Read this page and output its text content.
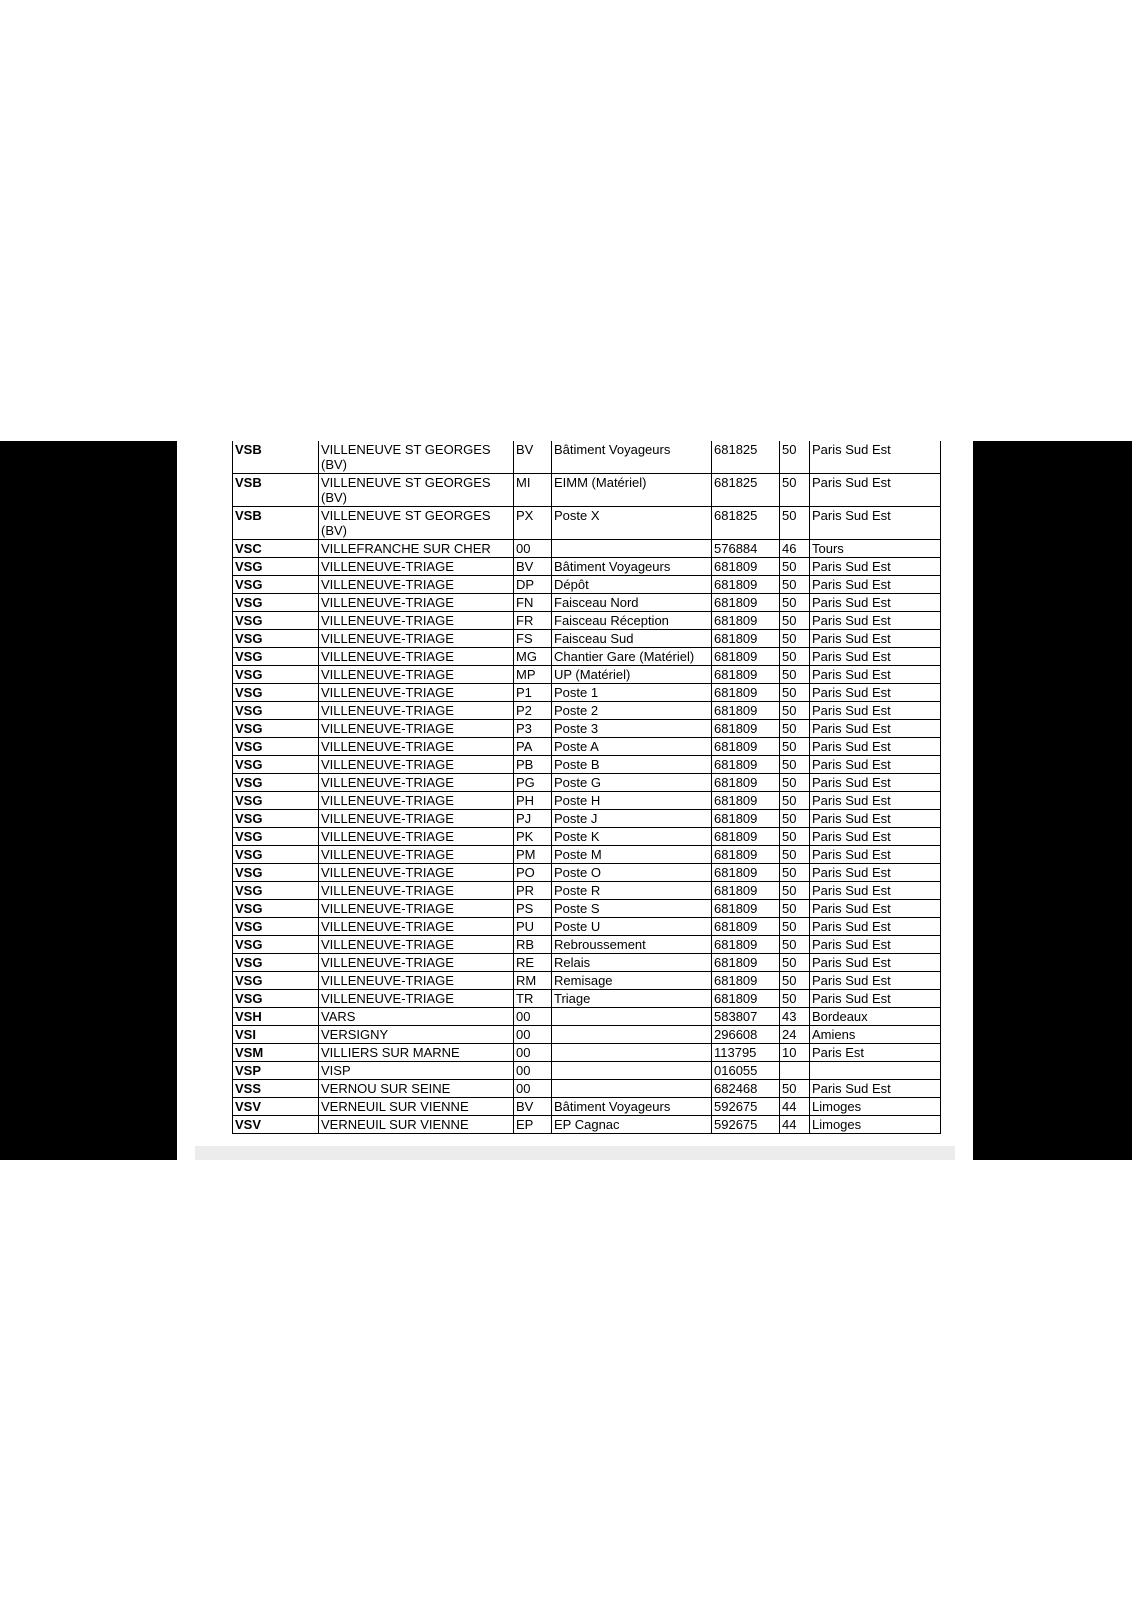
VSB	VILLENEUVE ST GEORGES (BV)	BV	Bâtiment Voyageurs	681825	50	Paris Sud Est
VSB	VILLENEUVE ST GEORGES (BV)	MI	EIMM (Matériel)	681825	50	Paris Sud Est
VSB	VILLENEUVE ST GEORGES (BV)	PX	Poste X	681825	50	Paris Sud Est
VSC	VILLEFRANCHE SUR CHER	00		576884	46	Tours
VSG	VILLENEUVE-TRIAGE	BV	Bâtiment Voyageurs	681809	50	Paris Sud Est
VSG	VILLENEUVE-TRIAGE	DP	Dépôt	681809	50	Paris Sud Est
VSG	VILLENEUVE-TRIAGE	FN	Faisceau Nord	681809	50	Paris Sud Est
VSG	VILLENEUVE-TRIAGE	FR	Faisceau Réception	681809	50	Paris Sud Est
VSG	VILLENEUVE-TRIAGE	FS	Faisceau Sud	681809	50	Paris Sud Est
VSG	VILLENEUVE-TRIAGE	MG	Chantier Gare (Matériel)	681809	50	Paris Sud Est
VSG	VILLENEUVE-TRIAGE	MP	UP (Matériel)	681809	50	Paris Sud Est
VSG	VILLENEUVE-TRIAGE	P1	Poste 1	681809	50	Paris Sud Est
VSG	VILLENEUVE-TRIAGE	P2	Poste 2	681809	50	Paris Sud Est
VSG	VILLENEUVE-TRIAGE	P3	Poste 3	681809	50	Paris Sud Est
VSG	VILLENEUVE-TRIAGE	PA	Poste A	681809	50	Paris Sud Est
VSG	VILLENEUVE-TRIAGE	PB	Poste B	681809	50	Paris Sud Est
VSG	VILLENEUVE-TRIAGE	PG	Poste G	681809	50	Paris Sud Est
VSG	VILLENEUVE-TRIAGE	PH	Poste H	681809	50	Paris Sud Est
VSG	VILLENEUVE-TRIAGE	PJ	Poste J	681809	50	Paris Sud Est
VSG	VILLENEUVE-TRIAGE	PK	Poste K	681809	50	Paris Sud Est
VSG	VILLENEUVE-TRIAGE	PM	Poste M	681809	50	Paris Sud Est
VSG	VILLENEUVE-TRIAGE	PO	Poste O	681809	50	Paris Sud Est
VSG	VILLENEUVE-TRIAGE	PR	Poste R	681809	50	Paris Sud Est
VSG	VILLENEUVE-TRIAGE	PS	Poste S	681809	50	Paris Sud Est
VSG	VILLENEUVE-TRIAGE	PU	Poste U	681809	50	Paris Sud Est
VSG	VILLENEUVE-TRIAGE	RB	Rebroussement	681809	50	Paris Sud Est
VSG	VILLENEUVE-TRIAGE	RE	Relais	681809	50	Paris Sud Est
VSG	VILLENEUVE-TRIAGE	RM	Remisage	681809	50	Paris Sud Est
VSG	VILLENEUVE-TRIAGE	TR	Triage	681809	50	Paris Sud Est
VSH	VARS	00		583807	43	Bordeaux
VSI	VERSIGNY	00		296608	24	Amiens
VSM	VILLIERS SUR MARNE	00		113795	10	Paris Est
VSP	VISP	00		016055		
VSS	VERNOU SUR SEINE	00		682468	50	Paris Sud Est
VSV	VERNEUIL SUR VIENNE	BV	Bâtiment Voyageurs	592675	44	Limoges
VSV	VERNEUIL SUR VIENNE	EP	EP Cagnac	592675	44	Limoges
